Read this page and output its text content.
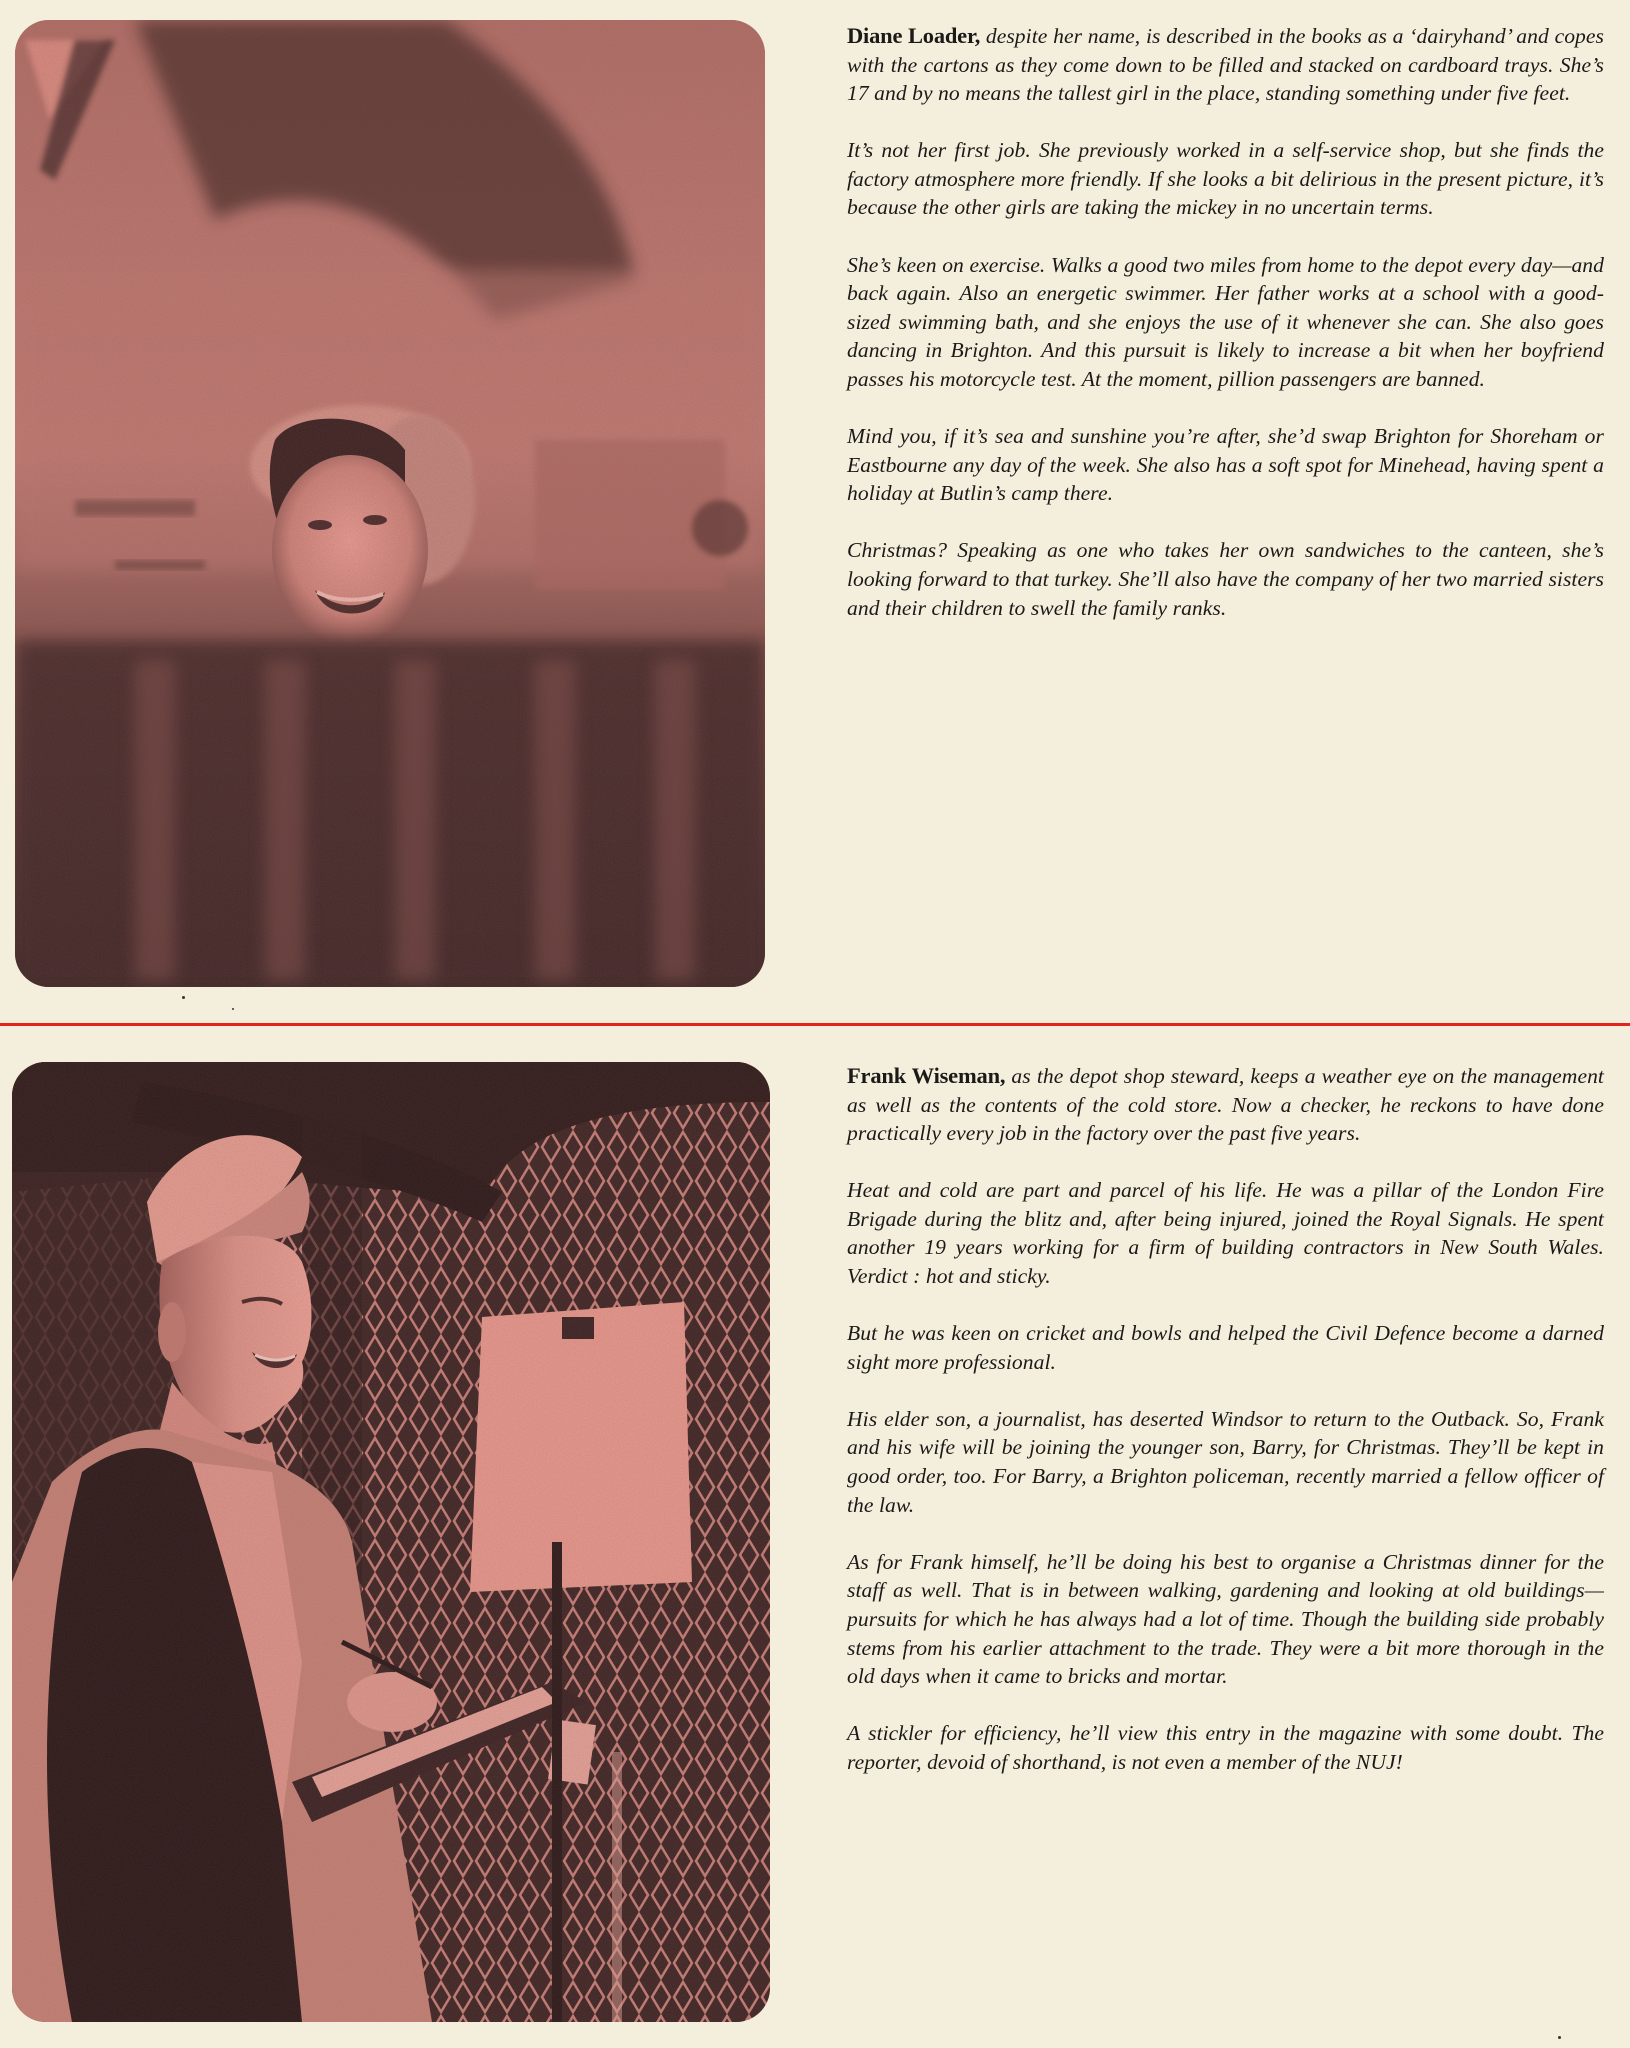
Diane Loader, despite her name, is described in the books as a ‘dairyhand’ and copes with the cartons as they come down to be filled and stacked on cardboard trays. She’s 17 and by no means the tallest girl in the place, standing something under five feet.

It’s not her first job. She previously worked in a self-service shop, but she finds the factory atmosphere more friendly. If she looks a bit delirious in the present picture, it’s because the other girls are taking the mickey in no uncertain terms.

She’s keen on exercise. Walks a good two miles from home to the depot every day—and back again. Also an energetic swimmer. Her father works at a school with a good-sized swimming bath, and she enjoys the use of it whenever she can. She also goes dancing in Brighton. And this pursuit is likely to increase a bit when her boyfriend passes his motorcycle test. At the moment, pillion passengers are banned.

Mind you, if it’s sea and sunshine you’re after, she’d swap Brighton for Shoreham or Eastbourne any day of the week. She also has a soft spot for Minehead, having spent a holiday at Butlin’s camp there.

Christmas? Speaking as one who takes her own sandwiches to the canteen, she’s looking forward to that turkey. She’ll also have the company of her two married sisters and their children to swell the family ranks.

Frank Wiseman, as the depot shop steward, keeps a weather eye on the management as well as the contents of the cold store. Now a checker, he reckons to have done practically every job in the factory over the past five years.

Heat and cold are part and parcel of his life. He was a pillar of the London Fire Brigade during the blitz and, after being injured, joined the Royal Signals. He spent another 19 years working for a firm of building contractors in New South Wales. Verdict : hot and sticky.

But he was keen on cricket and bowls and helped the Civil Defence become a darned sight more professional.

His elder son, a journalist, has deserted Windsor to return to the Outback. So, Frank and his wife will be joining the younger son, Barry, for Christmas. They’ll be kept in good order, too. For Barry, a Brighton policeman, recently married a fellow officer of the law.

As for Frank himself, he’ll be doing his best to organise a Christmas dinner for the staff as well. That is in between walking, gardening and looking at old buildings—pursuits for which he has always had a lot of time. Though the building side probably stems from his earlier attachment to the trade. They were a bit more thorough in the old days when it came to bricks and mortar.

A stickler for efficiency, he’ll view this entry in the magazine with some doubt. The reporter, devoid of shorthand, is not even a member of the NUJ!
